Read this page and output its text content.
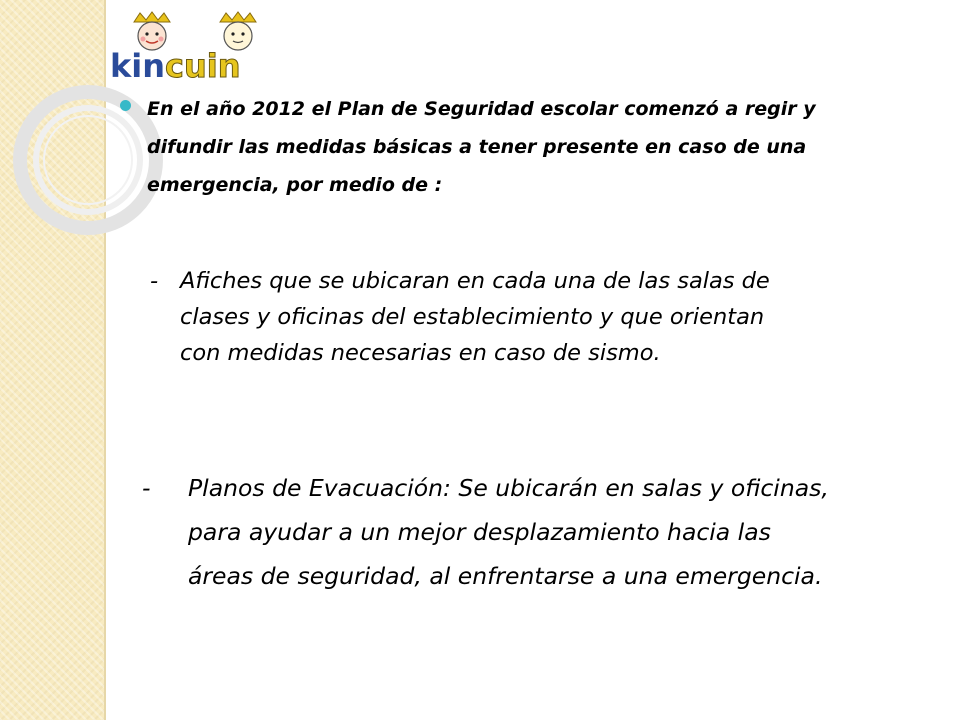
kincuin

En el año 2012 el Plan de Seguridad escolar comenzó a regir y difundir las medidas básicas a tener presente en caso de una emergencia, por medio de :

- Afiches que se ubicaran en cada una de las salas de
clases y oficinas del establecimiento y que orientan
con medidas necesarias en caso de sismo.

- Planos de Evacuación: Se ubicarán en salas y oficinas,
para ayudar a un mejor desplazamiento hacia las
áreas de seguridad, al enfrentarse a una emergencia.
